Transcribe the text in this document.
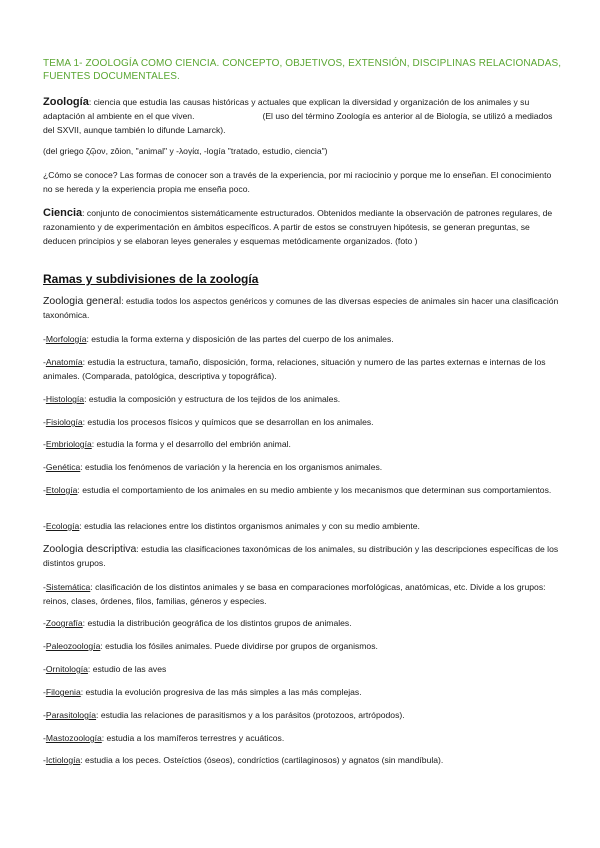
TEMA 1- ZOOLOGÍA COMO CIENCIA. CONCEPTO, OBJETIVOS, EXTENSIÓN, DISCIPLINAS RELACIONADAS, FUENTES DOCUMENTALES.

Zoología: ciencia que estudia las causas históricas y actuales que explican la diversidad y organización de los animales y su adaptación al ambiente en el que viven.	(El uso del término Zoología es anterior al de Biología, se utilizó a mediados del SXVII, aunque también lo difunde Lamarck).

(del griego ζῷον, zôion, "animal" y -λογία, -logía "tratado, estudio, ciencia")

¿Cómo se conoce? Las formas de conocer son a través de la experiencia, por mi raciocinio y porque me lo enseñan. El conocimiento no se hereda y la experiencia propia me enseña poco.

Ciencia: conjunto de conocimientos sistemáticamente estructurados. Obtenidos mediante la observación de patrones regulares, de razonamiento y de experimentación en ámbitos específicos. A partir de estos se construyen hipótesis, se generan preguntas, se deducen principios y se elaboran leyes generales y esquemas metódicamente organizados. (foto )

Ramas y subdivisiones de la zoología

Zoologia general: estudia todos los aspectos genéricos y comunes de las diversas especies de animales sin hacer una clasificación taxonómica.

-Morfología: estudia la forma externa y disposición de las partes del cuerpo de los animales.

-Anatomía: estudia la estructura, tamaño, disposición, forma, relaciones, situación y numero de las partes externas e internas de los animales. (Comparada, patológica, descriptiva y topográfica).

-Histología: estudia la composición y estructura de los tejidos de los animales.

-Fisiología: estudia los procesos físicos y químicos que se desarrollan en los animales.

-Embriología: estudia la forma y el desarrollo del embrión animal.

-Genética: estudia los fenómenos de variación y la herencia en los organismos animales.

-Etología: estudia el comportamiento de los animales en su medio ambiente y los mecanismos que determinan sus comportamientos.

-Ecología: estudia las relaciones entre los distintos organismos animales y con su medio ambiente.

Zoologia descriptiva: estudia las clasificaciones taxonómicas de los animales, su distribución y las descripciones específicas de los distintos grupos.

-Sistemática: clasificación de los distintos animales y se basa en comparaciones morfológicas, anatómicas, etc. Divide a los grupos: reinos, clases, órdenes, filos, familias, géneros y especies.

-Zoografía: estudia la distribución geográfica de los distintos grupos de animales.

-Paleozoología: estudia los fósiles animales. Puede dividirse por grupos de organismos.

-Ornitología: estudio de las aves

-Filogenia: estudia la evolución progresiva de las más simples a las más complejas.

-Parasitología: estudia las relaciones de parasitismos y a los parásitos (protozoos, artrópodos).

-Mastozoología: estudia a los mamíferos terrestres y acuáticos.

-Ictiología: estudia a los peces. Osteíctios (óseos), condríctios (cartilaginosos) y agnatos (sin mandíbula).
